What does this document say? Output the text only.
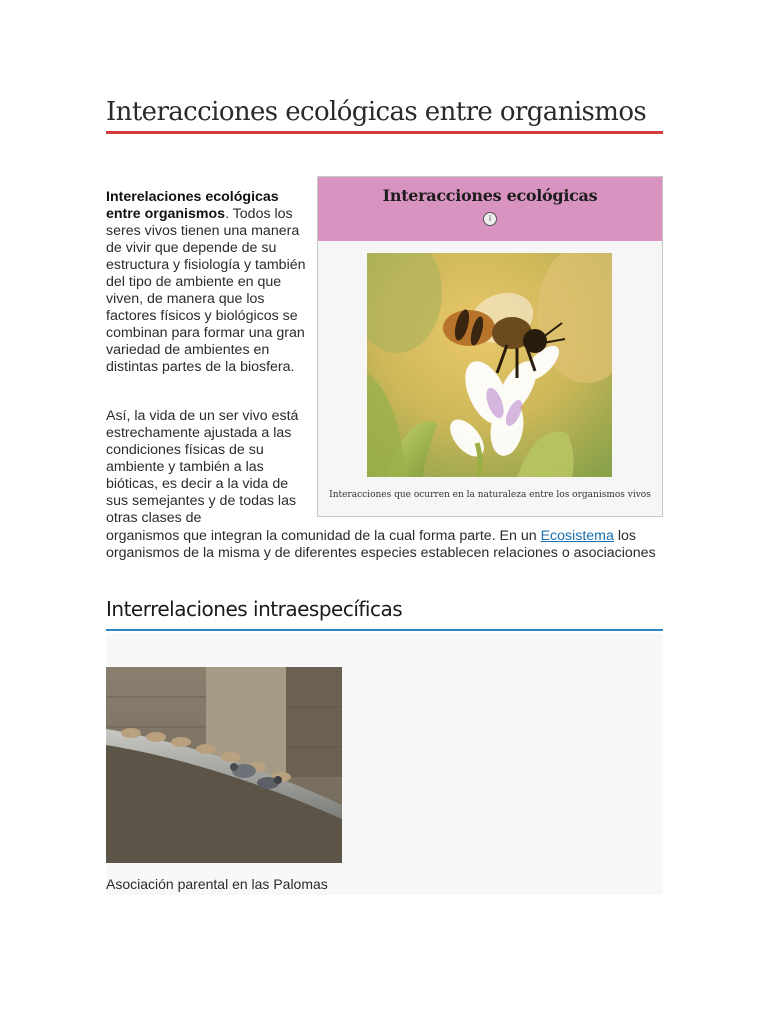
Interacciones ecológicas entre organismos

Interelaciones ecológicas entre organismos. Todos los seres vivos tienen una manera de vivir que depende de su estructura y fisiología y también del tipo de ambiente en que viven, de manera que los factores físicos y biológicos se combinan para formar una gran variedad de ambientes en distintas partes de la biosfera.

Así, la vida de un ser vivo está estrechamente ajustada a las condiciones físicas de su ambiente y también a las bióticas, es decir a la vida de sus semejantes y de todas las otras clases de

organismos que integran la comunidad de la cual forma parte. En un Ecosistema los organismos de la misma y de diferentes especies establecen relaciones o asociaciones

Interacciones ecológicas
i
Interacciones que ocurren en la naturaleza entre los organismos vivos
Interrelaciones intraespecíficas
Asociación parental en las Palomas
